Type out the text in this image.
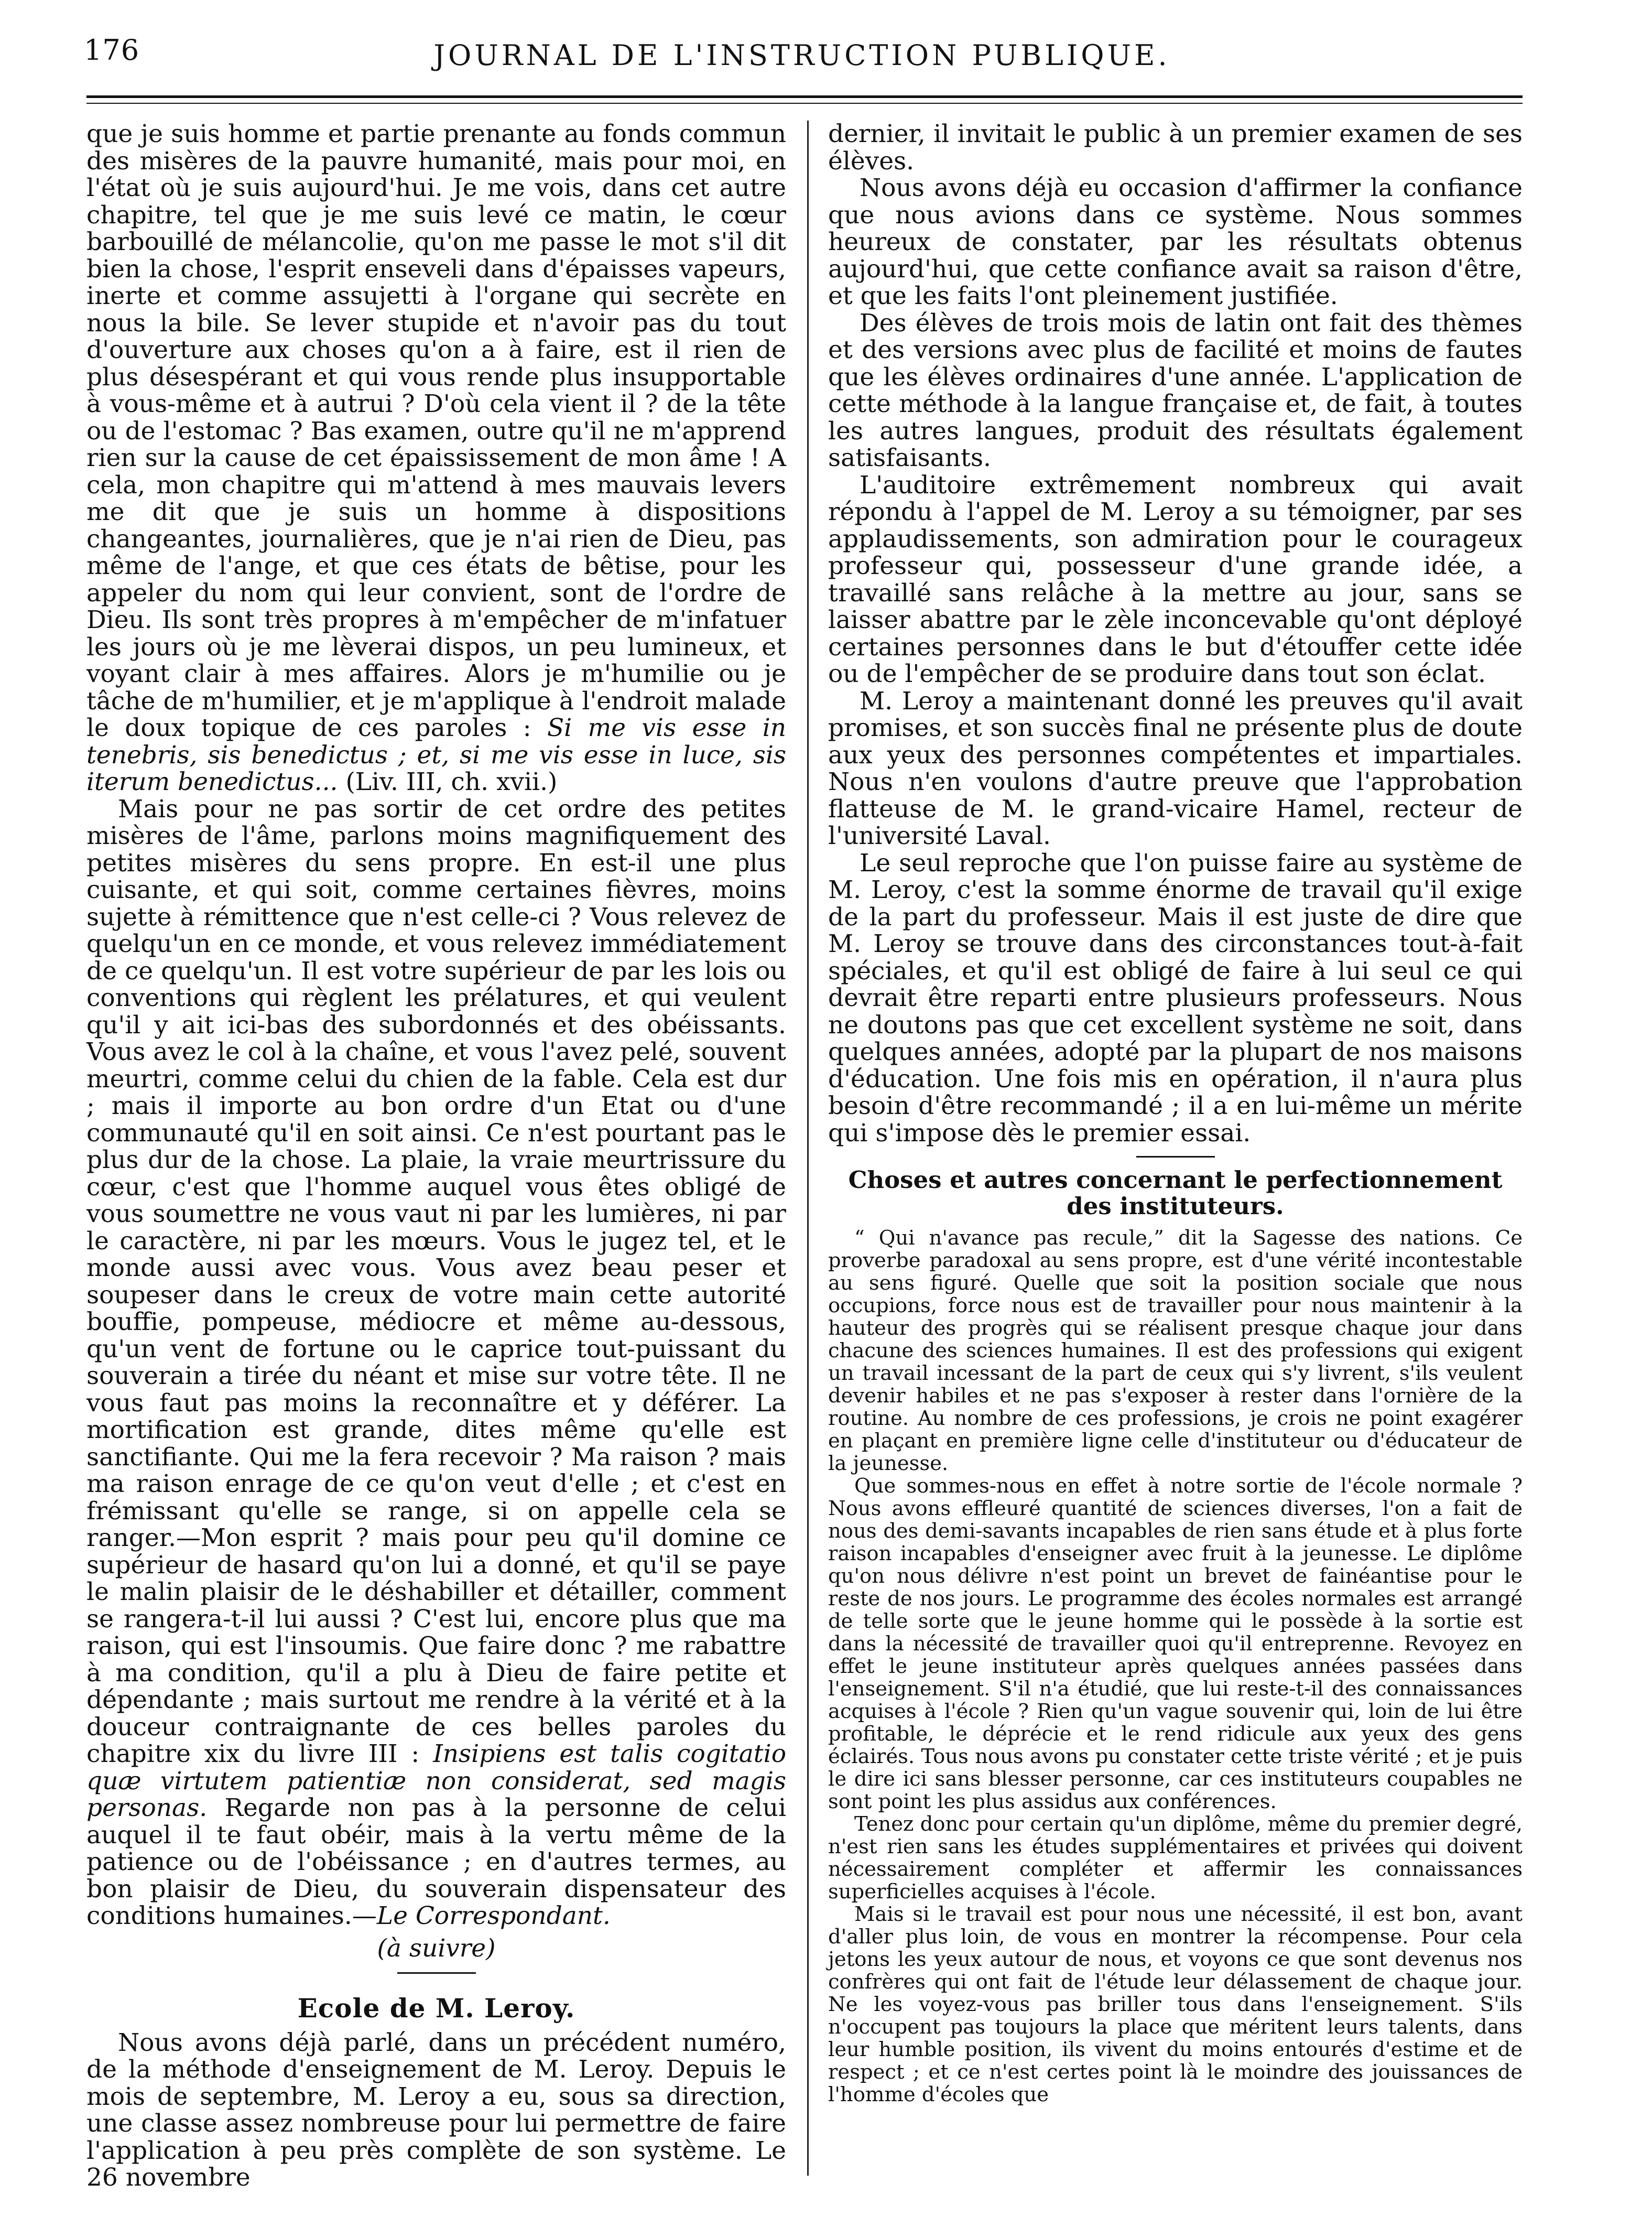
176	JOURNAL DE L'INSTRUCTION PUBLIQUE.

que je suis homme et partie prenante au fonds commun des misères de la pauvre humanité, mais pour moi, en l'état où je suis aujourd'hui. Je me vois, dans cet autre chapitre, tel que je me suis levé ce matin, le cœur barbouillé de mélancolie, qu'on me passe le mot s'il dit bien la chose, l'esprit enseveli dans d'épaisses vapeurs, inerte et comme assujetti à l'organe qui secrète en nous la bile. Se lever stupide et n'avoir pas du tout d'ouverture aux choses qu'on a à faire, est il rien de plus désespérant et qui vous rende plus insupportable à vous-même et à autrui ? D'où cela vient il ? de la tête ou de l'estomac ? Bas examen, outre qu'il ne m'apprend rien sur la cause de cet épaississement de mon âme ! A cela, mon chapitre qui m'attend à mes mauvais levers me dit que je suis un homme à dispositions changeantes, journalières, que je n'ai rien de Dieu, pas même de l'ange, et que ces états de bêtise, pour les appeler du nom qui leur convient, sont de l'ordre de Dieu. Ils sont très propres à m'empêcher de m'infatuer les jours où je me lèverai dispos, un peu lumineux, et voyant clair à mes affaires. Alors je m'humilie ou je tâche de m'humilier, et je m'applique à l'endroit malade le doux topique de ces paroles : Si me vis esse in tenebris, sis benedictus ; et, si me vis esse in luce, sis iterum benedictus... (Liv. III, ch. xvii.)

Mais pour ne pas sortir de cet ordre des petites misères de l'âme, parlons moins magnifiquement des petites misères du sens propre. En est-il une plus cuisante, et qui soit, comme certaines fièvres, moins sujette à rémittence que n'est celle-ci ? Vous relevez de quelqu'un en ce monde, et vous relevez immédiatement de ce quelqu'un. Il est votre supérieur de par les lois ou conventions qui règlent les prélatures, et qui veulent qu'il y ait ici-bas des subordonnés et des obéissants. Vous avez le col à la chaîne, et vous l'avez pelé, souvent meurtri, comme celui du chien de la fable. Cela est dur ; mais il importe au bon ordre d'un Etat ou d'une communauté qu'il en soit ainsi. Ce n'est pourtant pas le plus dur de la chose. La plaie, la vraie meurtrissure du cœur, c'est que l'homme auquel vous êtes obligé de vous soumettre ne vous vaut ni par les lumières, ni par le caractère, ni par les mœurs. Vous le jugez tel, et le monde aussi avec vous. Vous avez beau peser et soupeser dans le creux de votre main cette autorité bouffie, pompeuse, médiocre et même au-dessous, qu'un vent de fortune ou le caprice tout-puissant du souverain a tirée du néant et mise sur votre tête. Il ne vous faut pas moins la reconnaître et y déférer. La mortification est grande, dites même qu'elle est sanctifiante. Qui me la fera recevoir ? Ma raison ? mais ma raison enrage de ce qu'on veut d'elle ; et c'est en frémissant qu'elle se range, si on appelle cela se ranger.—Mon esprit ? mais pour peu qu'il domine ce supérieur de hasard qu'on lui a donné, et qu'il se paye le malin plaisir de le déshabiller et détailler, comment se rangera-t-il lui aussi ? C'est lui, encore plus que ma raison, qui est l'insoumis. Que faire donc ? me rabattre à ma condition, qu'il a plu à Dieu de faire petite et dépendante ; mais surtout me rendre à la vérité et à la douceur contraignante de ces belles paroles du chapitre xix du livre III : Insipiens est talis cogitatio quæ virtutem patientiæ non considerat, sed magis personas. Regarde non pas à la personne de celui auquel il te faut obéir, mais à la vertu même de la patience ou de l'obéissance ; en d'autres termes, au bon plaisir de Dieu, du souverain dispensateur des conditions humaines.—Le Correspondant.

(à suivre)
Ecole de M. Leroy.

Nous avons déjà parlé, dans un précédent numéro, de la méthode d'enseignement de M. Leroy. Depuis le mois de septembre, M. Leroy a eu, sous sa direction, une classe assez nombreuse pour lui permettre de faire l'application à peu près complète de son système. Le 26 novembre

dernier, il invitait le public à un premier examen de ses élèves.

Nous avons déjà eu occasion d'affirmer la confiance que nous avions dans ce système. Nous sommes heureux de constater, par les résultats obtenus aujourd'hui, que cette confiance avait sa raison d'être, et que les faits l'ont pleinement justifiée.

Des élèves de trois mois de latin ont fait des thèmes et des versions avec plus de facilité et moins de fautes que les élèves ordinaires d'une année. L'application de cette méthode à la langue française et, de fait, à toutes les autres langues, produit des résultats également satisfaisants.

L'auditoire extrêmement nombreux qui avait répondu à l'appel de M. Leroy a su témoigner, par ses applaudissements, son admiration pour le courageux professeur qui, possesseur d'une grande idée, a travaillé sans relâche à la mettre au jour, sans se laisser abattre par le zèle inconcevable qu'ont déployé certaines personnes dans le but d'étouffer cette idée ou de l'empêcher de se produire dans tout son éclat.

M. Leroy a maintenant donné les preuves qu'il avait promises, et son succès final ne présente plus de doute aux yeux des personnes compétentes et impartiales. Nous n'en voulons d'autre preuve que l'approbation flatteuse de M. le grand-vicaire Hamel, recteur de l'université Laval.

Le seul reproche que l'on puisse faire au système de M. Leroy, c'est la somme énorme de travail qu'il exige de la part du professeur. Mais il est juste de dire que M. Leroy se trouve dans des circonstances tout-à-fait spéciales, et qu'il est obligé de faire à lui seul ce qui devrait être reparti entre plusieurs professeurs. Nous ne doutons pas que cet excellent système ne soit, dans quelques années, adopté par la plupart de nos maisons d'éducation. Une fois mis en opération, il n'aura plus besoin d'être recommandé ; il a en lui-même un mérite qui s'impose dès le premier essai.

Choses et autres concernant le perfectionnement des instituteurs.

“ Qui n'avance pas recule,” dit la Sagesse des nations. Ce proverbe paradoxal au sens propre, est d'une vérité incontestable au sens figuré. Quelle que soit la position sociale que nous occupions, force nous est de travailler pour nous maintenir à la hauteur des progrès qui se réalisent presque chaque jour dans chacune des sciences humaines. Il est des professions qui exigent un travail incessant de la part de ceux qui s'y livrent, s'ils veulent devenir habiles et ne pas s'exposer à rester dans l'ornière de la routine. Au nombre de ces professions, je crois ne point exagérer en plaçant en première ligne celle d'instituteur ou d'éducateur de la jeunesse.

Que sommes-nous en effet à notre sortie de l'école normale ? Nous avons effleuré quantité de sciences diverses, l'on a fait de nous des demi-savants incapables de rien sans étude et à plus forte raison incapables d'enseigner avec fruit à la jeunesse. Le diplôme qu'on nous délivre n'est point un brevet de fainéantise pour le reste de nos jours. Le programme des écoles normales est arrangé de telle sorte que le jeune homme qui le possède à la sortie est dans la nécessité de travailler quoi qu'il entreprenne. Revoyez en effet le jeune instituteur après quelques années passées dans l'enseignement. S'il n'a étudié, que lui reste-t-il des connaissances acquises à l'école ? Rien qu'un vague souvenir qui, loin de lui être profitable, le déprécie et le rend ridicule aux yeux des gens éclairés. Tous nous avons pu constater cette triste vérité ; et je puis le dire ici sans blesser personne, car ces instituteurs coupables ne sont point les plus assidus aux conférences.

Tenez donc pour certain qu'un diplôme, même du premier degré, n'est rien sans les études supplémentaires et privées qui doivent nécessairement compléter et affermir les connaissances superficielles acquises à l'école.

Mais si le travail est pour nous une nécessité, il est bon, avant d'aller plus loin, de vous en montrer la récompense. Pour cela jetons les yeux autour de nous, et voyons ce que sont devenus nos confrères qui ont fait de l'étude leur délassement de chaque jour. Ne les voyez-vous pas briller tous dans l'enseignement. S'ils n'occupent pas toujours la place que méritent leurs talents, dans leur humble position, ils vivent du moins entourés d'estime et de respect ; et ce n'est certes point là le moindre des jouissances de l'homme d'écoles que
